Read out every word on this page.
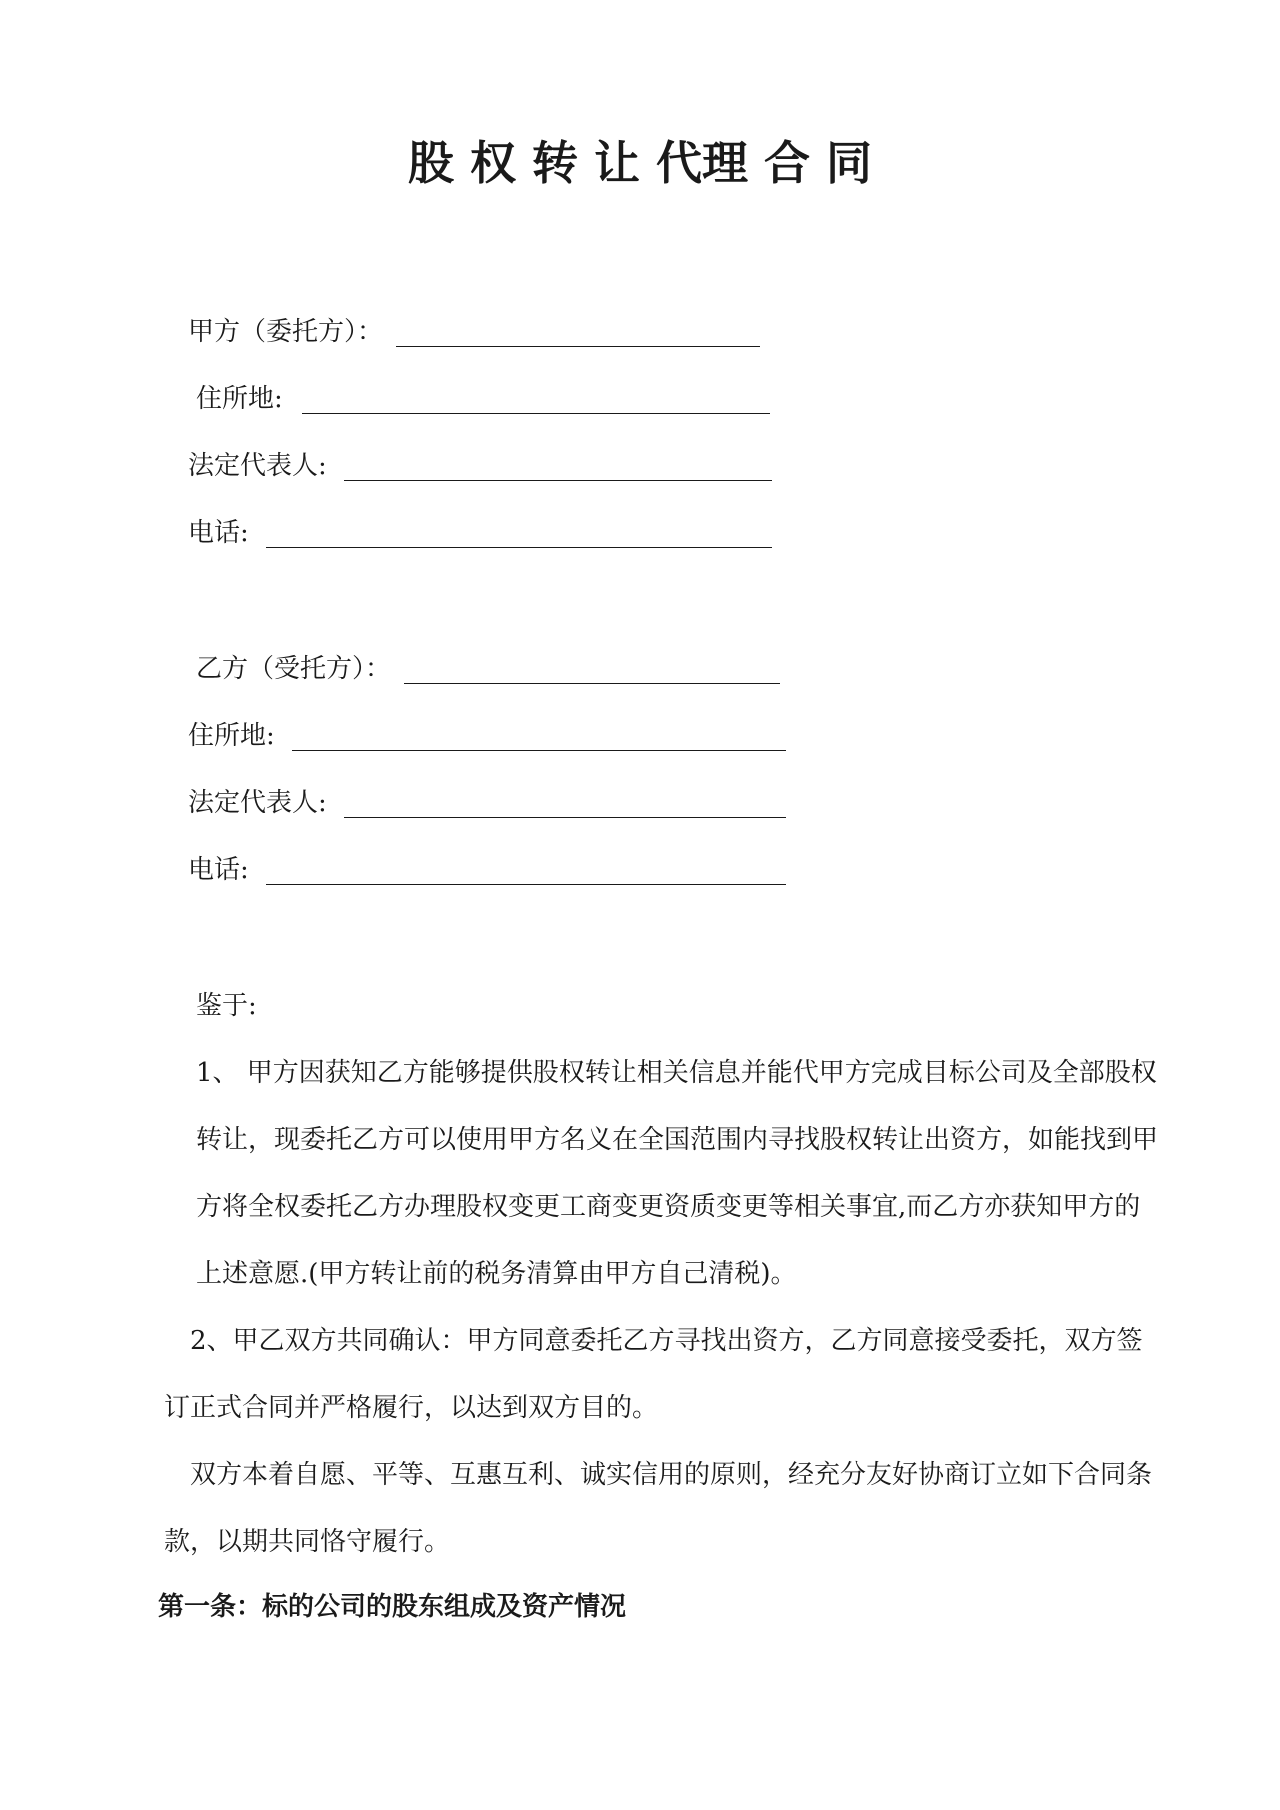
股 权 转 让 代理 合 同
甲方（委托方）：
住所地:
法定代表人:
电话:
乙方（受托方）：
住所地:
法定代表人:
电话:

鉴于:

1、 甲方因获知乙方能够提供股权转让相关信息并能代甲方完成目标公司及全部股权

转让，现委托乙方可以使用甲方名义在全国范围内寻找股权转让出资方，如能找到甲

方将全权委托乙方办理股权变更工商变更资质变更等相关事宜,而乙方亦获知甲方的

上述意愿.(甲方转让前的税务清算由甲方自己清税)。

2、甲乙双方共同确认：甲方同意委托乙方寻找出资方，乙方同意接受委托，双方签

订正式合同并严格履行，以达到双方目的。

双方本着自愿、平等、互惠互利、诚实信用的原则，经充分友好协商订立如下合同条

款，以期共同恪守履行。

第一条：标的公司的股东组成及资产情况
